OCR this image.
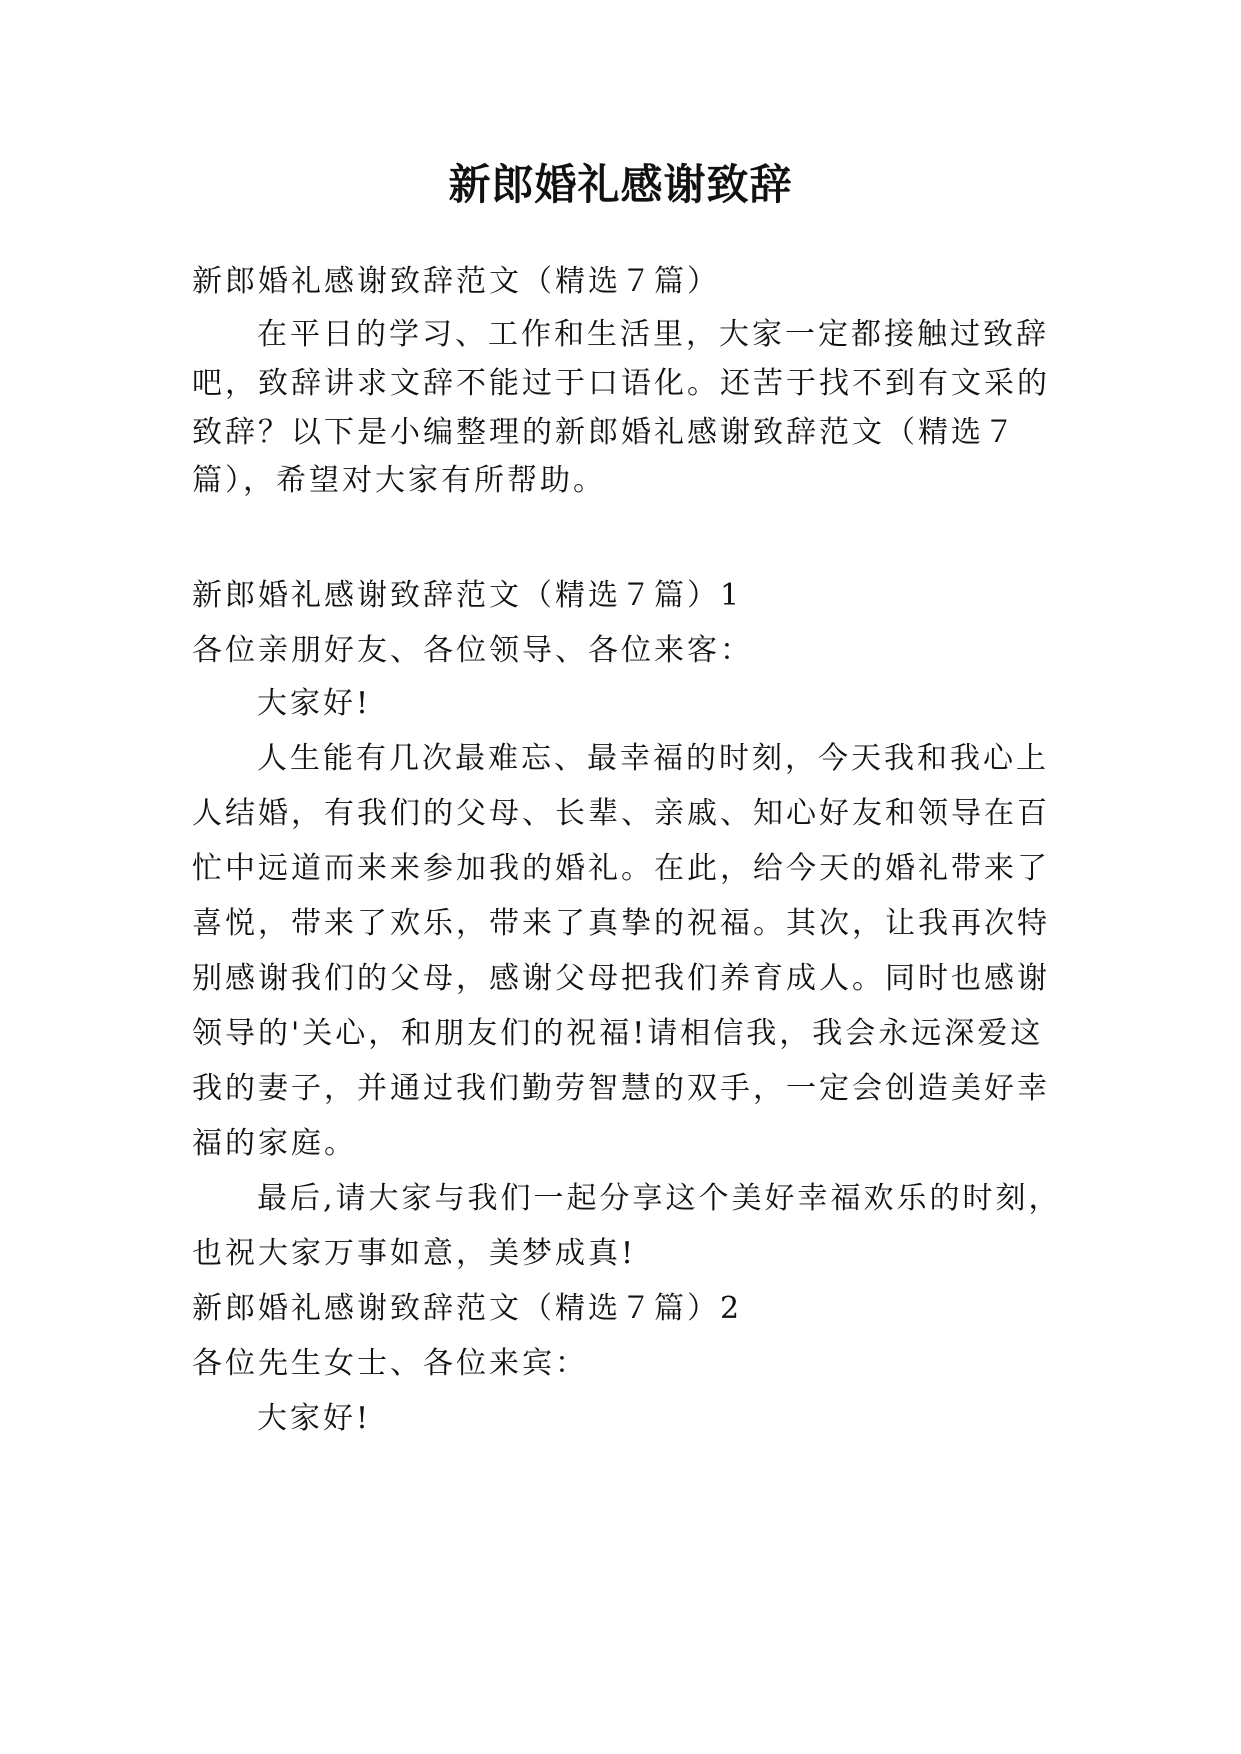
新郎婚礼感谢致辞

新郎婚礼感谢致辞范文（精选７篇）

在平日的学习、工作和生活里，大家一定都接触过致辞

吧，致辞讲求文辞不能过于口语化。还苦于找不到有文采的

致辞？以下是小编整理的新郎婚礼感谢致辞范文（精选７

篇），希望对大家有所帮助。

新郎婚礼感谢致辞范文（精选７篇）1

各位亲朋好友、各位领导、各位来客：

大家好!

人生能有几次最难忘、最幸福的时刻，今天我和我心上

人结婚，有我们的父母、长辈、亲戚、知心好友和领导在百

忙中远道而来来参加我的婚礼。在此，给今天的婚礼带来了

喜悦，带来了欢乐，带来了真挚的祝福。其次，让我再次特

别感谢我们的父母，感谢父母把我们养育成人。同时也感谢

领导的'关心，和朋友们的祝福!请相信我，我会永远深爱这

我的妻子，并通过我们勤劳智慧的双手，一定会创造美好幸

福的家庭。

最后,请大家与我们一起分享这个美好幸福欢乐的时刻，

也祝大家万事如意，美梦成真!

新郎婚礼感谢致辞范文（精选７篇）2

各位先生女士、各位来宾：

大家好!
